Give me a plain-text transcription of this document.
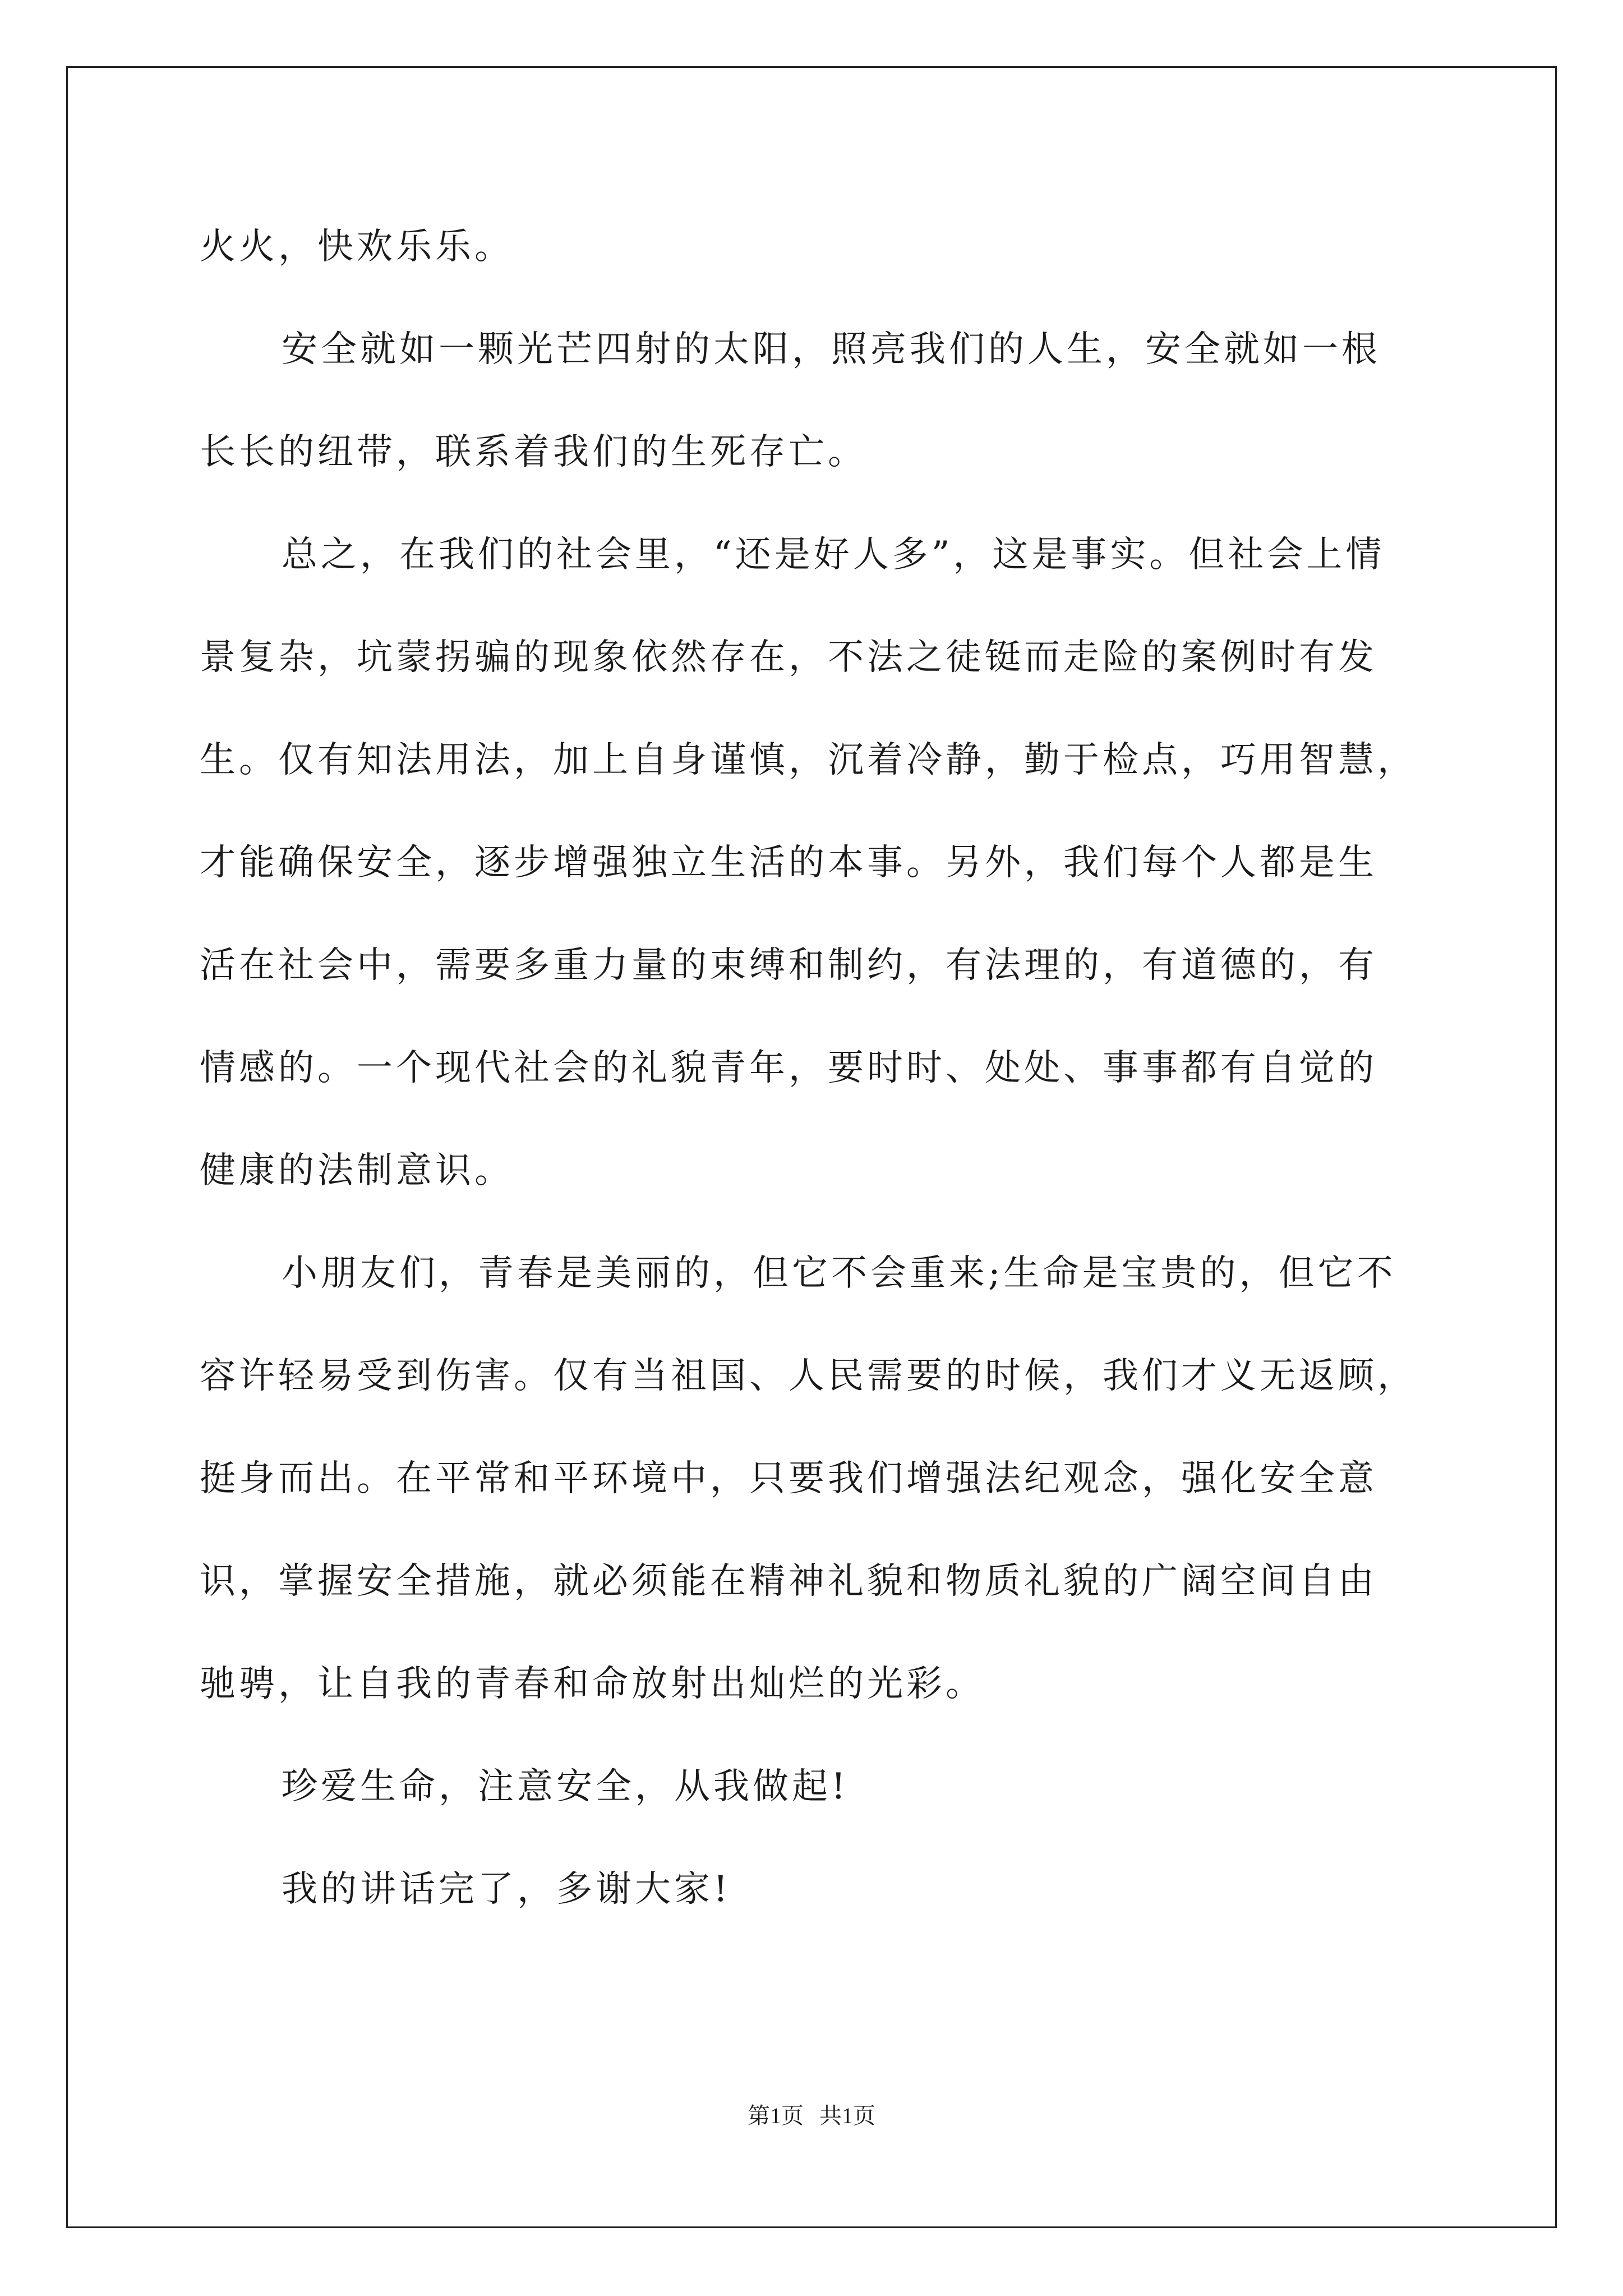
火火，快欢乐乐。
安全就如一颗光芒四射的太阳，照亮我们的人生，安全就如一根
长长的纽带，联系着我们的生死存亡。
总之，在我们的社会里，“还是好人多”，这是事实。但社会上情
景复杂，坑蒙拐骗的现象依然存在，不法之徒铤而走险的案例时有发
生。仅有知法用法，加上自身谨慎，沉着冷静，勤于检点，巧用智慧，
才能确保安全，逐步增强独立生活的本事。另外，我们每个人都是生
活在社会中，需要多重力量的束缚和制约，有法理的，有道德的，有
情感的。一个现代社会的礼貌青年，要时时、处处、事事都有自觉的
健康的法制意识。
小朋友们，青春是美丽的，但它不会重来;生命是宝贵的，但它不
容许轻易受到伤害。仅有当祖国、人民需要的时候，我们才义无返顾，
挺身而出。在平常和平环境中，只要我们增强法纪观念，强化安全意
识，掌握安全措施，就必须能在精神礼貌和物质礼貌的广阔空间自由
驰骋，让自我的青春和命放射出灿烂的光彩。
珍爱生命，注意安全，从我做起!
我的讲话完了，多谢大家!
第1页 共1页
